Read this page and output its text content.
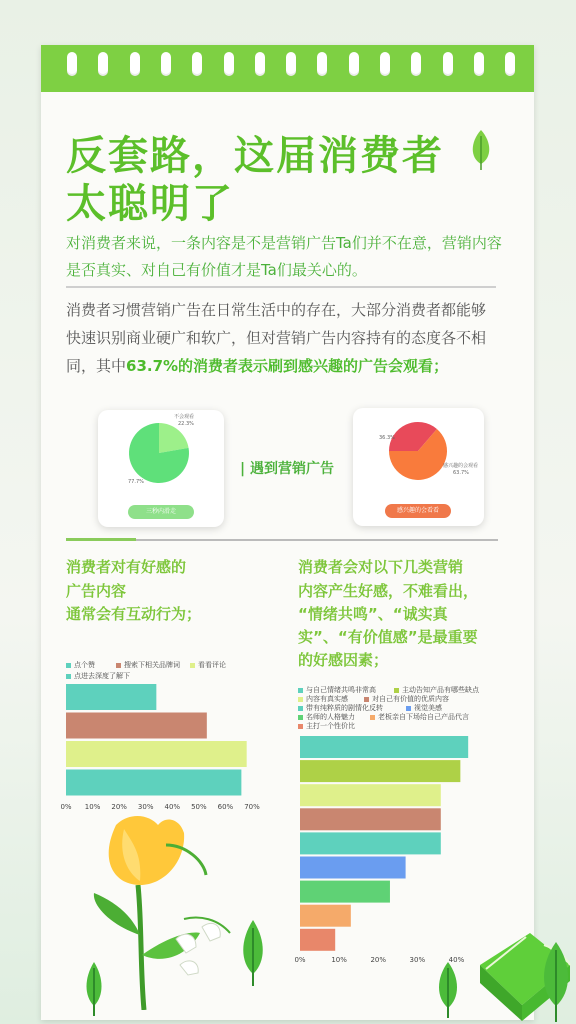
反套路，这届消费者
太聪明了

对消费者来说，一条内容是不是营销广告Ta们并不在意，营销内容是否真实、对自己有价值才是Ta们最关心的。

消费者习惯营销广告在日常生活中的存在，大部分消费者都能够快速识别商业硬广和软广，但对营销广告内容持有的态度各不相同，其中63.7%的消费者表示刷到感兴趣的广告会观看；

不会观看
22.3%
77.7%
三秒内滑走
| 遇到营销广告
36.3%
感兴趣的会观看
63.7%
感兴趣的会看看

消费者对有好感的

广告内容

通常会有互动行为；

消费者会对以下几类营销

内容产生好感，不难看出，

“情绪共鸣”、“诚实真

实”、“有价值感”是最重要

的好感因素；

点个赞	搜索下相关品牌词	看看评论
点进去深度了解下
0% 10% 20% 30% 40% 50% 60% 70%
与自己情绪共鸣非常高	主动告知产品有哪些缺点
内容有真实感	对自己有价值的优质内容
带有纯粹质的剧情化反转	视觉美感
名师的人格魅力	老板亲自下场给自己产品代言
主打一个性价比
0%	10%	20%	30%	40%
